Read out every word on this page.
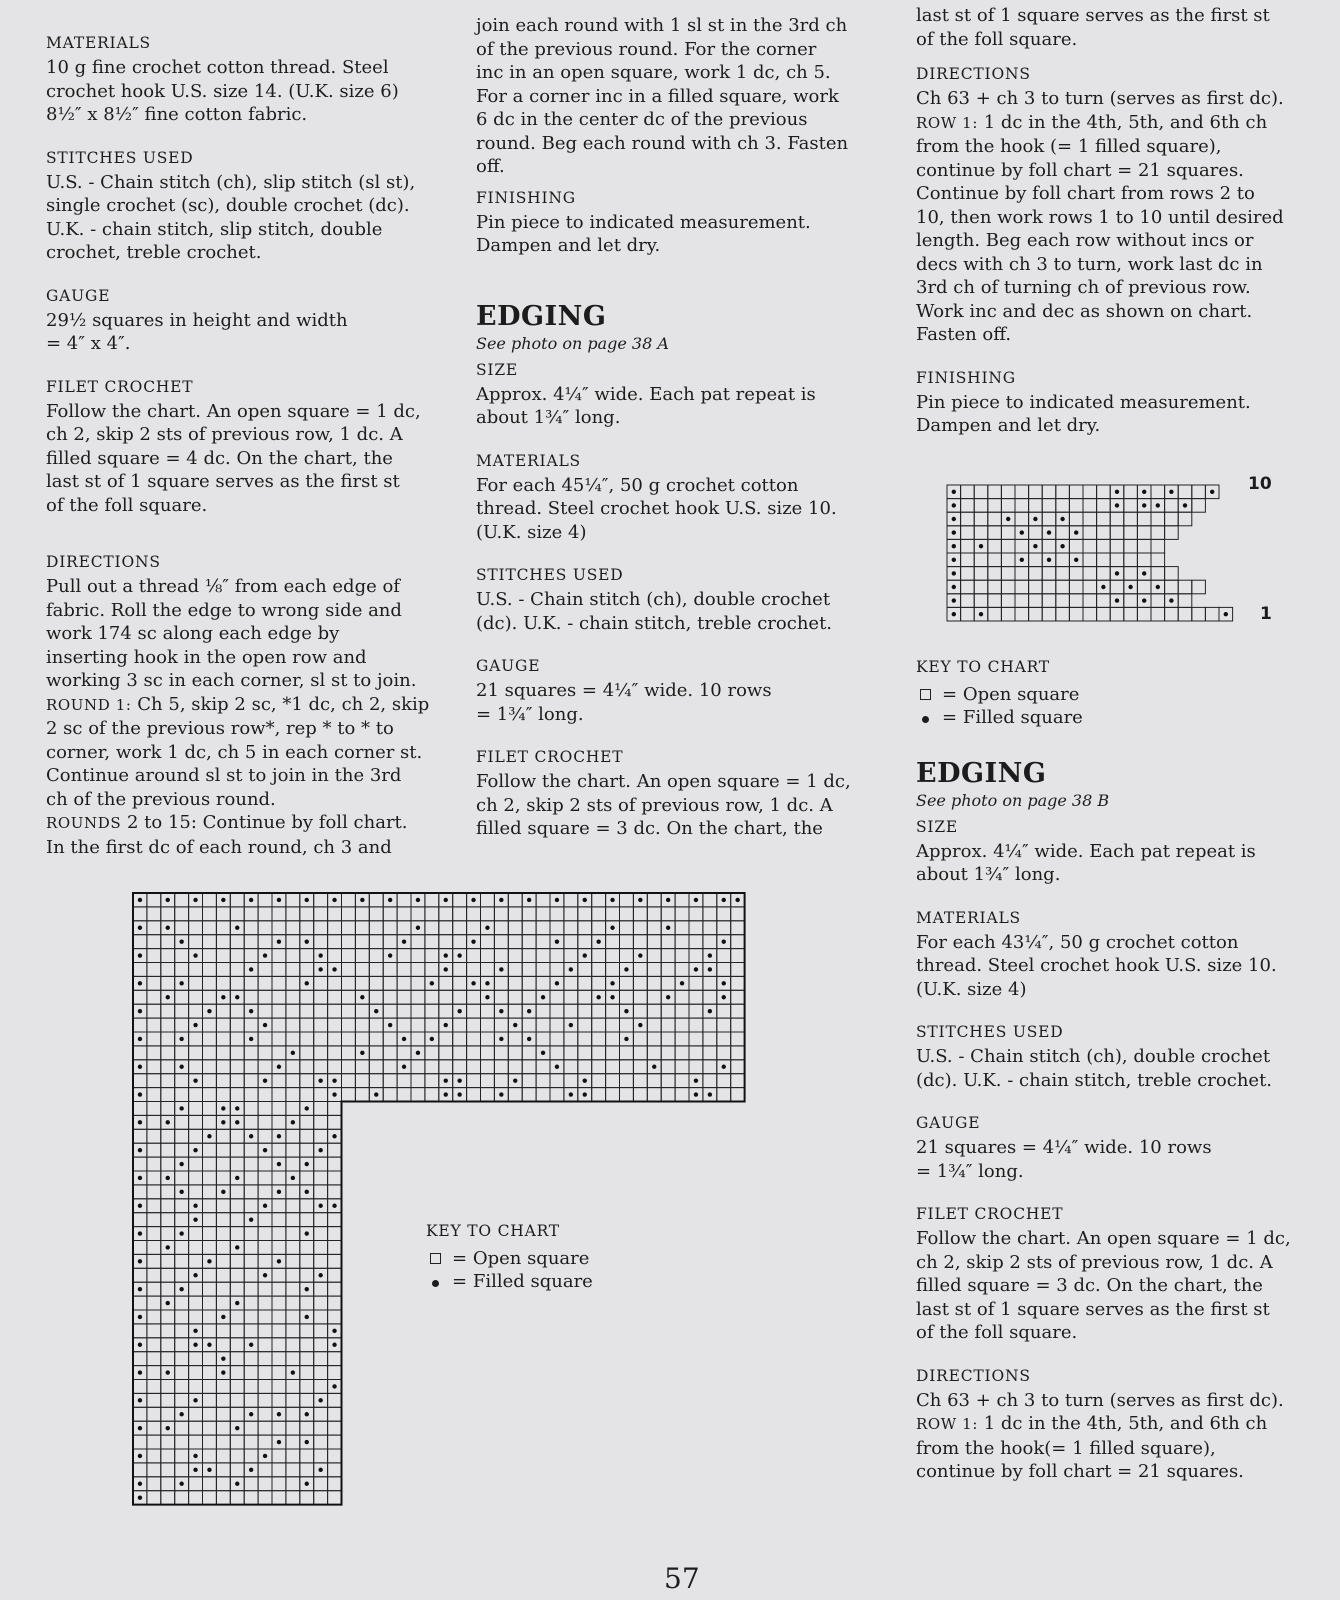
MATERIALS

10 g fine crochet cotton thread. Steel
crochet hook U.S. size 14. (U.K. size 6)
8½″ x 8½″ fine cotton fabric.

STITCHES USED

U.S. - Chain stitch (ch), slip stitch (sl st),
single crochet (sc), double crochet (dc).
U.K. - chain stitch, slip stitch, double
crochet, treble crochet.

GAUGE

29½ squares in height and width
= 4″ x 4″.

FILET CROCHET

Follow the chart. An open square = 1 dc,
ch 2, skip 2 sts of previous row, 1 dc. A
filled square = 4 dc. On the chart, the
last st of 1 square serves as the first st
of the foll square.

DIRECTIONS

Pull out a thread ⅛″ from each edge of
fabric. Roll the edge to wrong side and
work 174 sc along each edge by
inserting hook in the open row and
working 3 sc in each corner, sl st to join.

ROUND 1: Ch 5, skip 2 sc, *1 dc, ch 2, skip
2 sc of the previous row*, rep * to * to
corner, work 1 dc, ch 5 in each corner st.
Continue around sl st to join in the 3rd
ch of the previous round.

ROUNDS 2 to 15: Continue by foll chart.
In the first dc of each round, ch 3 and

join each round with 1 sl st in the 3rd ch
of the previous round. For the corner
inc in an open square, work 1 dc, ch 5.
For a corner inc in a filled square, work
6 dc in the center dc of the previous
round. Beg each round with ch 3. Fasten
off.

FINISHING

Pin piece to indicated measurement.
Dampen and let dry.

EDGING

See photo on page 38 A

SIZE

Approx. 4¼″ wide. Each pat repeat is
about 1¾″ long.

MATERIALS

For each 45¼″, 50 g crochet cotton
thread. Steel crochet hook U.S. size 10.
(U.K. size 4)

STITCHES USED

U.S. - Chain stitch (ch), double crochet
(dc). U.K. - chain stitch, treble crochet.

GAUGE

21 squares = 4¼″ wide. 10 rows
= 1¾″ long.

FILET CROCHET

Follow the chart. An open square = 1 dc,
ch 2, skip 2 sts of previous row, 1 dc. A
filled square = 3 dc. On the chart, the

last st of 1 square serves as the first st
of the foll square.

DIRECTIONS

Ch 63 + ch 3 to turn (serves as first dc).

ROW 1: 1 dc in the 4th, 5th, and 6th ch
from the hook (= 1 filled square),
continue by foll chart = 21 squares.
Continue by foll chart from rows 2 to
10, then work rows 1 to 10 until desired
length. Beg each row without incs or
decs with ch 3 to turn, work last dc in
3rd ch of turning ch of previous row.
Work inc and dec as shown on chart.
Fasten off.

FINISHING

Pin piece to indicated measurement.
Dampen and let dry.

KEY TO CHART

=
Open square
=
Filled square

EDGING

See photo on page 38 B

SIZE

Approx. 4¼″ wide. Each pat repeat is
about 1¾″ long.

MATERIALS

For each 43¼″, 50 g crochet cotton
thread. Steel crochet hook U.S. size 10.
(U.K. size 4)

STITCHES USED

U.S. - Chain stitch (ch), double crochet
(dc). U.K. - chain stitch, treble crochet.

GAUGE

21 squares = 4¼″ wide. 10 rows
= 1¾″ long.

FILET CROCHET

Follow the chart. An open square = 1 dc,
ch 2, skip 2 sts of previous row, 1 dc. A
filled square = 3 dc. On the chart, the
last st of 1 square serves as the first st
of the foll square.

DIRECTIONS

Ch 63 + ch 3 to turn (serves as first dc).

ROW 1: 1 dc in the 4th, 5th, and 6th ch
from the hook(= 1 filled square),
continue by foll chart = 21 squares.

10
1

KEY TO CHART

=
Open square
=
Filled square
57
